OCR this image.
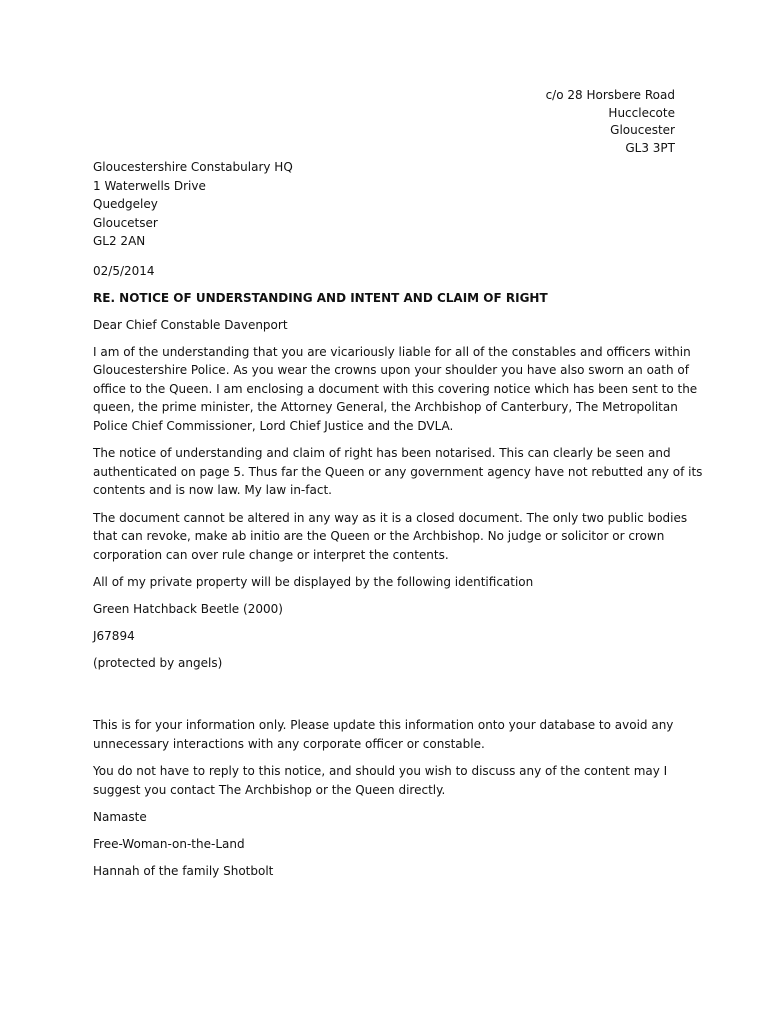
c/o 28 Horsbere Road
Hucclecote
Gloucester
GL3 3PT
Gloucestershire Constabulary HQ
1 Waterwells Drive
Quedgeley
Gloucetser
GL2 2AN
02/5/2014
RE. NOTICE OF UNDERSTANDING AND INTENT AND CLAIM OF RIGHT
Dear Chief Constable Davenport
I am of the understanding that you are vicariously liable for all of the constables and officers within
Gloucestershire Police. As you wear the crowns upon your shoulder you have also sworn an oath of
office to the Queen. I am enclosing a document with this covering notice which has been sent to the
queen, the prime minister, the Attorney General, the Archbishop of Canterbury, The Metropolitan
Police Chief Commissioner, Lord Chief Justice and the DVLA.
The notice of understanding and claim of right has been notarised. This can clearly be seen and
authenticated on page 5. Thus far the Queen or any government agency have not rebutted any of its
contents and is now law. My law in-fact.
The document cannot be altered in any way as it is a closed document. The only two public bodies
that can revoke, make ab initio are the Queen or the Archbishop. No judge or solicitor or crown
corporation can over rule change or interpret the contents.
All of my private property will be displayed by the following identification
Green Hatchback Beetle (2000)
J67894
(protected by angels)
This is for your information only. Please update this information onto your database to avoid any
unnecessary interactions with any corporate officer or constable.
You do not have to reply to this notice, and should you wish to discuss any of the content may I
suggest you contact The Archbishop or the Queen directly.
Namaste
Free-Woman-on-the-Land
Hannah of the family Shotbolt
